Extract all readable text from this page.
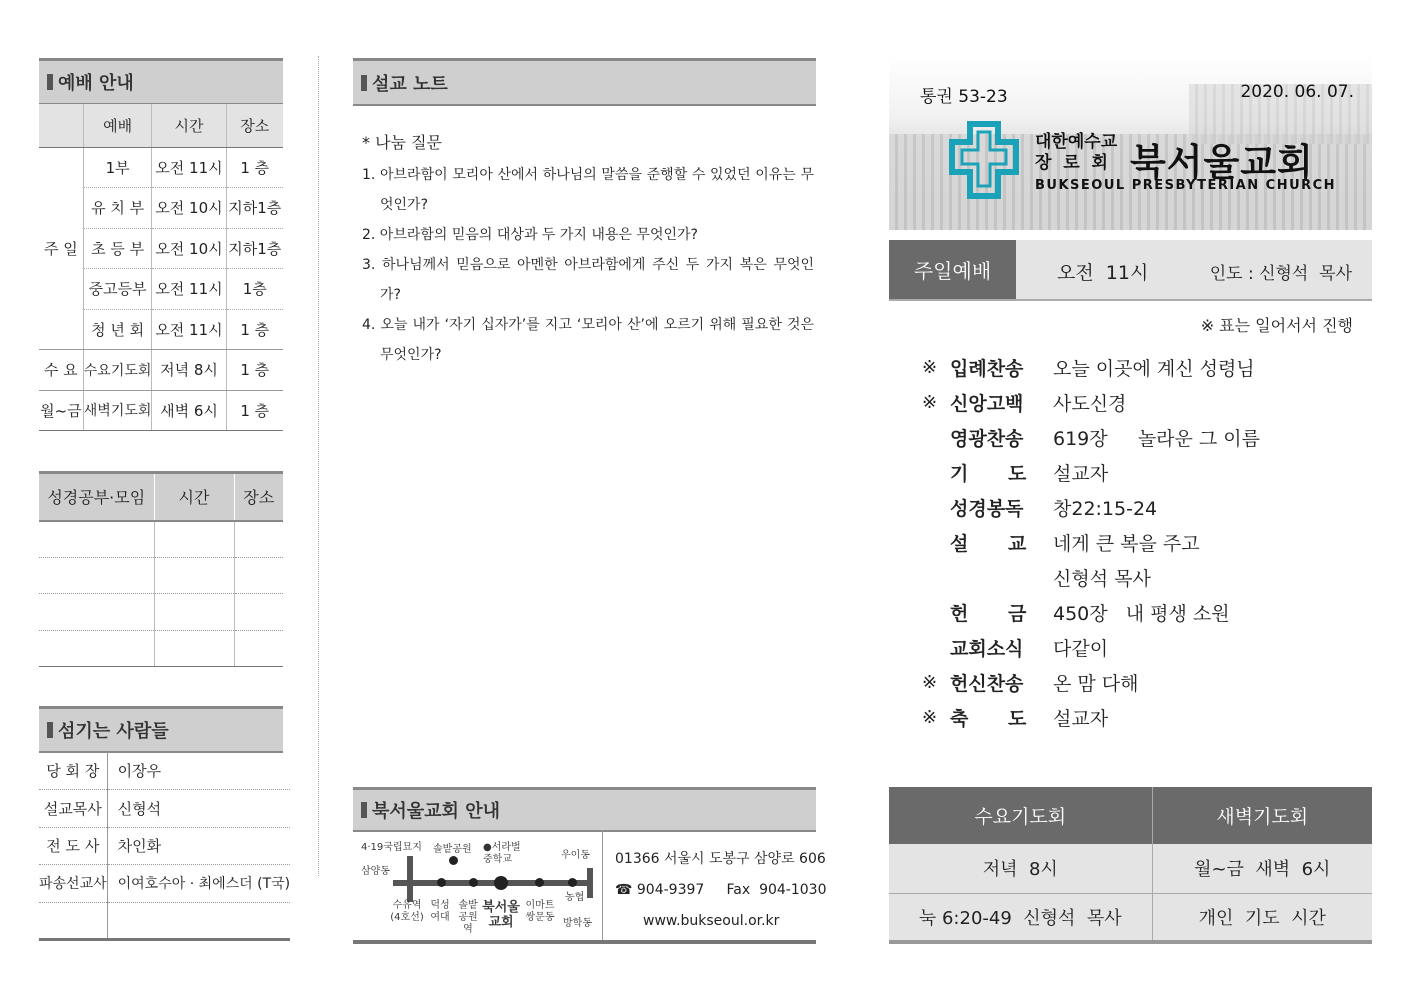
예배 안내
	예배	시간	장소
주 일	1부	오전 11시	1 층
	유 치 부	오전 10시	지하1층
	초 등 부	오전 10시	지하1층
	중고등부	오전 11시	1층
	청 년 회	오전 11시	1 층
수 요	수요기도회	저녁 8시	1 층
월~금	새벽기도회	새벽 6시	1 층
성경공부·모임	시간	장소

섬기는 사람들
당 회 장	이장우
설교목사	신형석
전 도 사	차인화
파송선교사	이여호수아 · 최에스더 (T국)

설교 노트
* 나눔 질문
1. 아브라함이 모리아 산에서 하나님의 말씀을 준행할 수 있었던 이유는 무엇인가?
2. 아브라함의 믿음의 대상과 두 가지 내용은 무엇인가?
3. 하나님께서 믿음으로 아멘한 아브라함에게 주신 두 가지 복은 무엇인가?
4. 오늘 내가 ‘자기 십자가’를 지고 ‘모리아 산’에 오르기 위해 필요한 것은 무엇인가?
북서울교회 안내
4·19국립묘지 솔밭공원 ●서라벌 중학교	우이동
삼양동
수유역 (4호선)
덕성 여대
솔밭 공원 역
북서울 교회
이마트 쌍문동
농협
방학동
01366 서울시 도봉구 삼양로 606
☎ 904-9397     Fax  904-1030
www.bukseoul.or.kr
통권 53-23	2020. 06. 07.
대한예수교
장  로  회 북서울교회
BUKSEOUL PRESBYTERIAN CHURCH
주일예배	오전  11시	인도 : 신형석  목사
※ 표는 일어서서 진행
※ 입례찬송	오늘 이곳에 계신 성령님
※ 신앙고백	사도신경
영광찬송	619장     놀라운 그 이름
기      도	설교자
성경봉독	창22:15-24
설      교	네게 큰 복을 주고
신형석 목사
헌      금	450장   내 평생 소원
교회소식	다같이
※ 헌신찬송	온 맘 다해
※ 축      도	설교자
수요기도회	새벽기도회
저녁  8시	월~금  새벽  6시
눅 6:20-49  신형석  목사	개인  기도  시간
